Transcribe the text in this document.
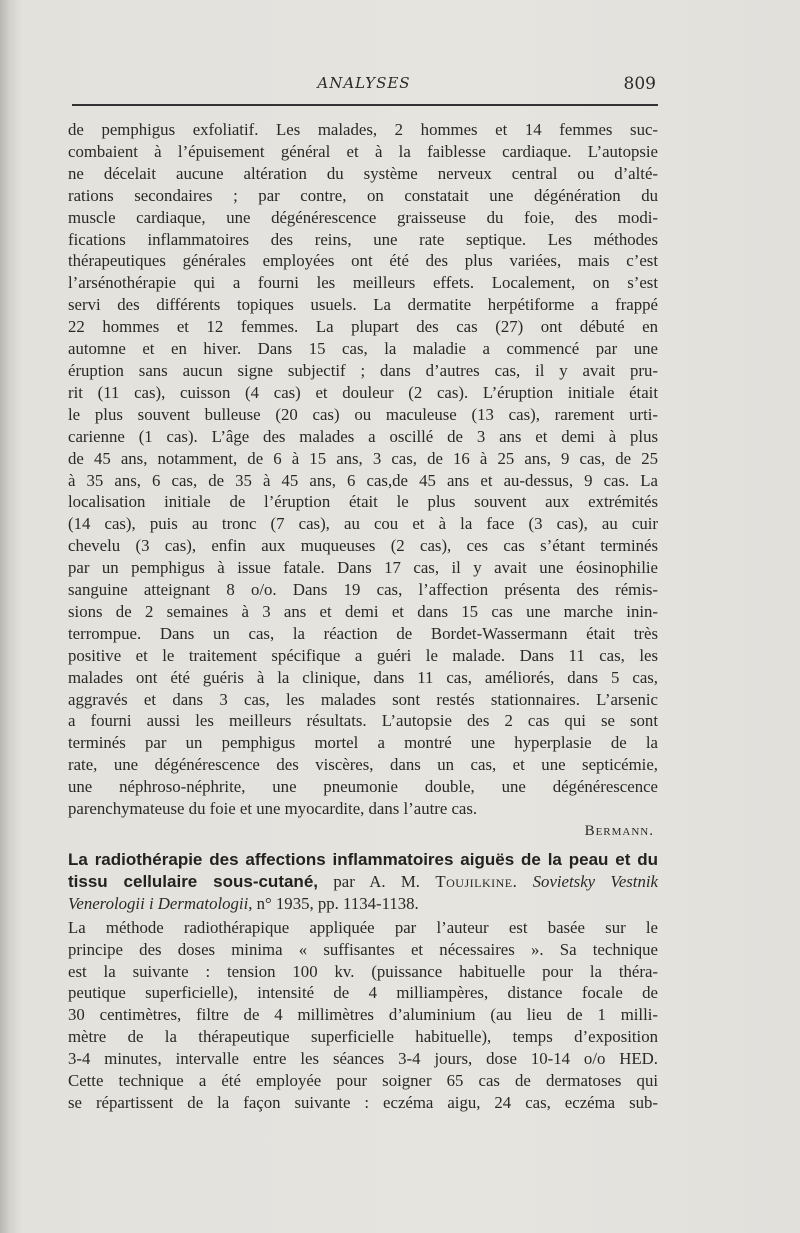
ANALYSES	809
de pemphigus exfoliatif. Les malades, 2 hommes et 14 femmes suc-
combaient à l’épuisement général et à la faiblesse cardiaque. L’autopsie
ne décelait aucune altération du système nerveux central ou d’alté-
rations secondaires ; par contre, on constatait une dégénération du
muscle cardiaque, une dégénérescence graisseuse du foie, des modi-
fications inflammatoires des reins, une rate septique. Les méthodes
thérapeutiques générales employées ont été des plus variées, mais c’est
l’arsénothérapie qui a fourni les meilleurs effets. Localement, on s’est
servi des différents topiques usuels. La dermatite herpétiforme a frappé
22 hommes et 12 femmes. La plupart des cas (27) ont débuté en
automne et en hiver. Dans 15 cas, la maladie a commencé par une
éruption sans aucun signe subjectif ; dans d’autres cas, il y avait pru-
rit (11 cas), cuisson (4 cas) et douleur (2 cas). L’éruption initiale était
le plus souvent bulleuse (20 cas) ou maculeuse (13 cas), rarement urti-
carienne (1 cas). L’âge des malades a oscillé de 3 ans et demi à plus
de 45 ans, notamment, de 6 à 15 ans, 3 cas, de 16 à 25 ans, 9 cas, de 25
à 35 ans, 6 cas, de 35 à 45 ans, 6 cas,de 45 ans et au-dessus, 9 cas. La
localisation initiale de l’éruption était le plus souvent aux extrémités
(14 cas), puis au tronc (7 cas), au cou et à la face (3 cas), au cuir
chevelu (3 cas), enfin aux muqueuses (2 cas), ces cas s’étant terminés
par un pemphigus à issue fatale. Dans 17 cas, il y avait une éosinophilie
sanguine atteignant 8 o/o. Dans 19 cas, l’affection présenta des rémis-
sions de 2 semaines à 3 ans et demi et dans 15 cas une marche inin-
terrompue. Dans un cas, la réaction de Bordet-Wassermann était très
positive et le traitement spécifique a guéri le malade. Dans 11 cas, les
malades ont été guéris à la clinique, dans 11 cas, améliorés, dans 5 cas,
aggravés et dans 3 cas, les malades sont restés stationnaires. L’arsenic
a fourni aussi les meilleurs résultats. L’autopsie des 2 cas qui se sont
terminés par un pemphigus mortel a montré une hyperplasie de la
rate, une dégénérescence des viscères, dans un cas, et une septicémie,
une néphroso-néphrite, une pneumonie double, une dégénérescence
parenchymateuse du foie et une myocardite, dans l’autre cas.
Bermann.
La radiothérapie des affections inflammatoires aiguës de la peau et du
tissu cellulaire sous-cutané, par A. M. Toujilkine. Sovietsky Vestnik
Venerologii i Dermatologii, n° 1935, pp. 1134-1138.
La méthode radiothérapique appliquée par l’auteur est basée sur le
principe des doses minima « suffisantes et nécessaires ». Sa technique
est la suivante : tension 100 kv. (puissance habituelle pour la théra-
peutique superficielle), intensité de 4 milliampères, distance focale de
30 centimètres, filtre de 4 millimètres d’aluminium (au lieu de 1 milli-
mètre de la thérapeutique superficielle habituelle), temps d’exposition
3-4 minutes, intervalle entre les séances 3-4 jours, dose 10-14 o/o HED.
Cette technique a été employée pour soigner 65 cas de dermatoses qui
se répartissent de la façon suivante : eczéma aigu, 24 cas, eczéma sub-
